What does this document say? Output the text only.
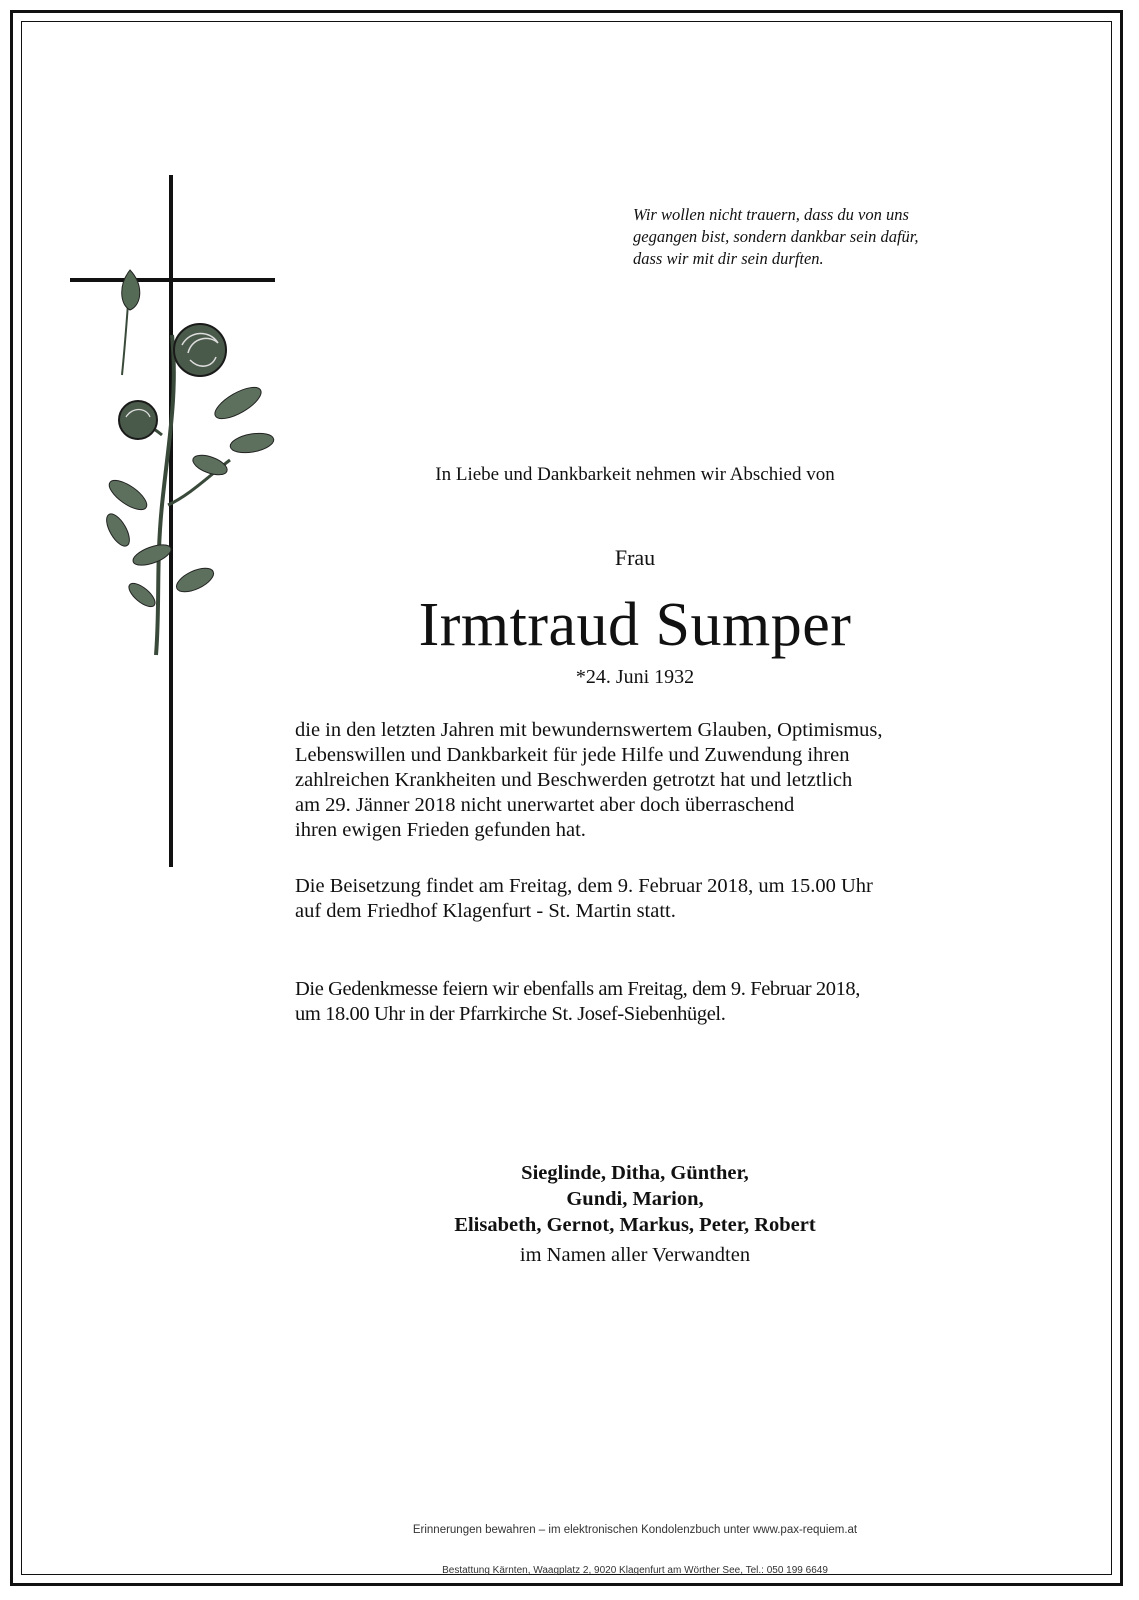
Wir wollen nicht trauern, dass du von uns
gegangen bist, sondern dankbar sein dafür,
dass wir mit dir sein durften.
In Liebe und Dankbarkeit nehmen wir Abschied von
Frau
Irmtraud Sumper
*24. Juni 1932
die in den letzten Jahren mit bewundernswertem Glauben, Optimismus,
Lebenswillen und Dankbarkeit für jede Hilfe und Zuwendung ihren
zahlreichen Krankheiten und Beschwerden getrotzt hat und letztlich
am 29. Jänner 2018 nicht unerwartet aber doch überraschend
ihren ewigen Frieden gefunden hat.
Die Beisetzung findet am Freitag, dem 9. Februar 2018, um 15.00 Uhr
auf dem Friedhof Klagenfurt - St. Martin statt.
Die Gedenkmesse feiern wir ebenfalls am Freitag, dem 9. Februar 2018,
um 18.00 Uhr in der Pfarrkirche St. Josef-Siebenhügel.
Sieglinde, Ditha, Günther,
Gundi, Marion,
Elisabeth, Gernot, Markus, Peter, Robert
im Namen aller Verwandten
Erinnerungen bewahren – im elektronischen Kondolenzbuch unter www.pax-requiem.at
Bestattung Kärnten, Waagplatz 2, 9020 Klagenfurt am Wörther See, Tel.: 050 199 6649
